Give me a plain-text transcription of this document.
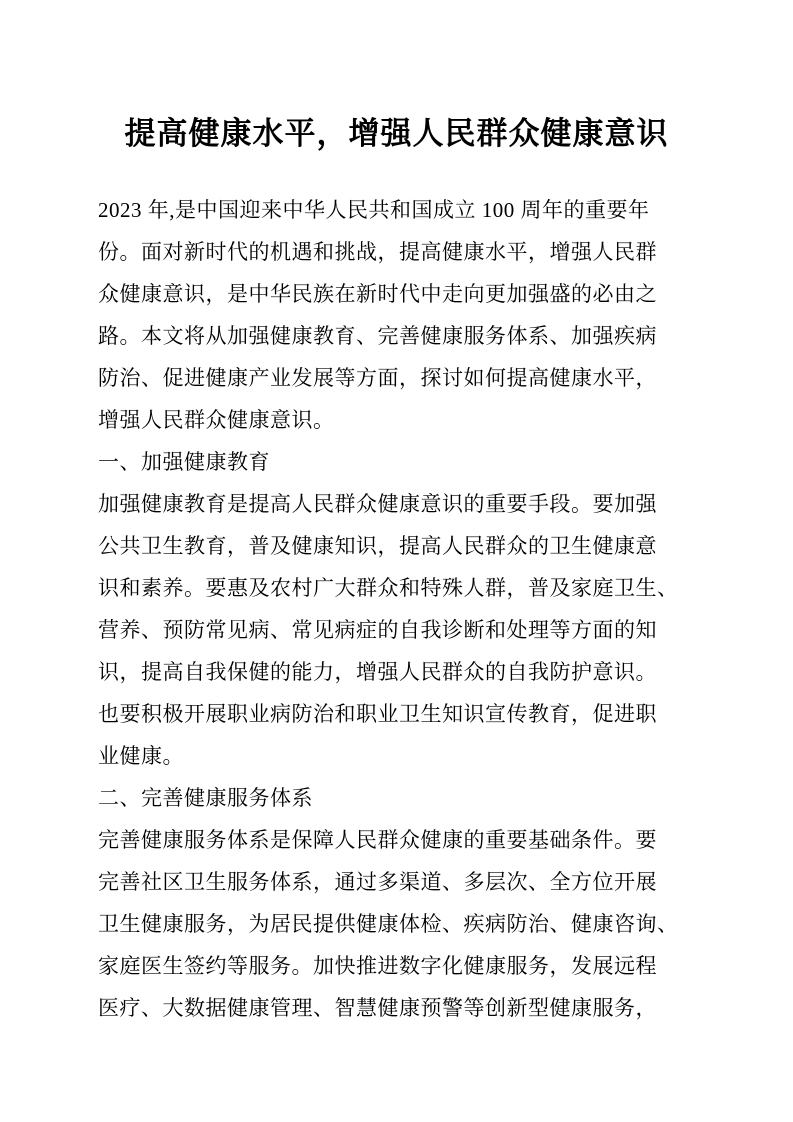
提高健康水平，增强人民群众健康意识
2023 年,是中国迎来中华人民共和国成立 100 周年的重要年
份。面对新时代的机遇和挑战，提高健康水平，增强人民群
众健康意识，是中华民族在新时代中走向更加强盛的必由之
路。本文将从加强健康教育、完善健康服务体系、加强疾病
防治、促进健康产业发展等方面，探讨如何提高健康水平，
增强人民群众健康意识。
一、加强健康教育
加强健康教育是提高人民群众健康意识的重要手段。要加强
公共卫生教育，普及健康知识，提高人民群众的卫生健康意
识和素养。要惠及农村广大群众和特殊人群，普及家庭卫生、
营养、预防常见病、常见病症的自我诊断和处理等方面的知
识，提高自我保健的能力，增强人民群众的自我防护意识。
也要积极开展职业病防治和职业卫生知识宣传教育，促进职
业健康。
二、完善健康服务体系
完善健康服务体系是保障人民群众健康的重要基础条件。要
完善社区卫生服务体系，通过多渠道、多层次、全方位开展
卫生健康服务，为居民提供健康体检、疾病防治、健康咨询、
家庭医生签约等服务。加快推进数字化健康服务，发展远程
医疗、大数据健康管理、智慧健康预警等创新型健康服务，
